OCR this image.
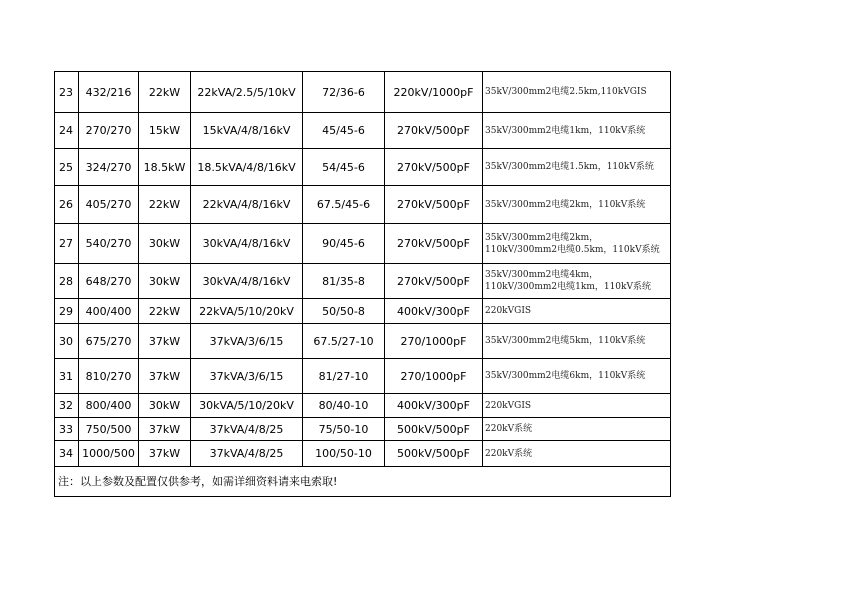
23	432/216	22kW	22kVA/2.5/5/10kV	72/36-6	220kV/1000pF	35kV/300mm2电缆2.5km,110kVGIS
24	270/270	15kW	15kVA/4/8/16kV	45/45-6	270kV/500pF	35kV/300mm2电缆1km，110kV系统
25	324/270	18.5kW	18.5kVA/4/8/16kV	54/45-6	270kV/500pF	35kV/300mm2电缆1.5km，110kV系统
26	405/270	22kW	22kVA/4/8/16kV	67.5/45-6	270kV/500pF	35kV/300mm2电缆2km，110kV系统
27	540/270	30kW	30kVA/4/8/16kV	90/45-6	270kV/500pF	35kV/300mm2电缆2km，110kV/300mm2电缆0.5km，110kV系统
28	648/270	30kW	30kVA/4/8/16kV	81/35-8	270kV/500pF	35kV/300mm2电缆4km，110kV/300mm2电缆1km，110kV系统
29	400/400	22kW	22kVA/5/10/20kV	50/50-8	400kV/300pF	220kVGIS
30	675/270	37kW	37kVA/3/6/15	67.5/27-10	270/1000pF	35kV/300mm2电缆5km，110kV系统
31	810/270	37kW	37kVA/3/6/15	81/27-10	270/1000pF	35kV/300mm2电缆6km，110kV系统
32	800/400	30kW	30kVA/5/10/20kV	80/40-10	400kV/300pF	220kVGIS
33	750/500	37kW	37kVA/4/8/25	75/50-10	500kV/500pF	220kV系统
34	1000/500	37kW	37kVA/4/8/25	100/50-10	500kV/500pF	220kV系统
注：以上参数及配置仅供参考，如需详细资料请来电索取!						
